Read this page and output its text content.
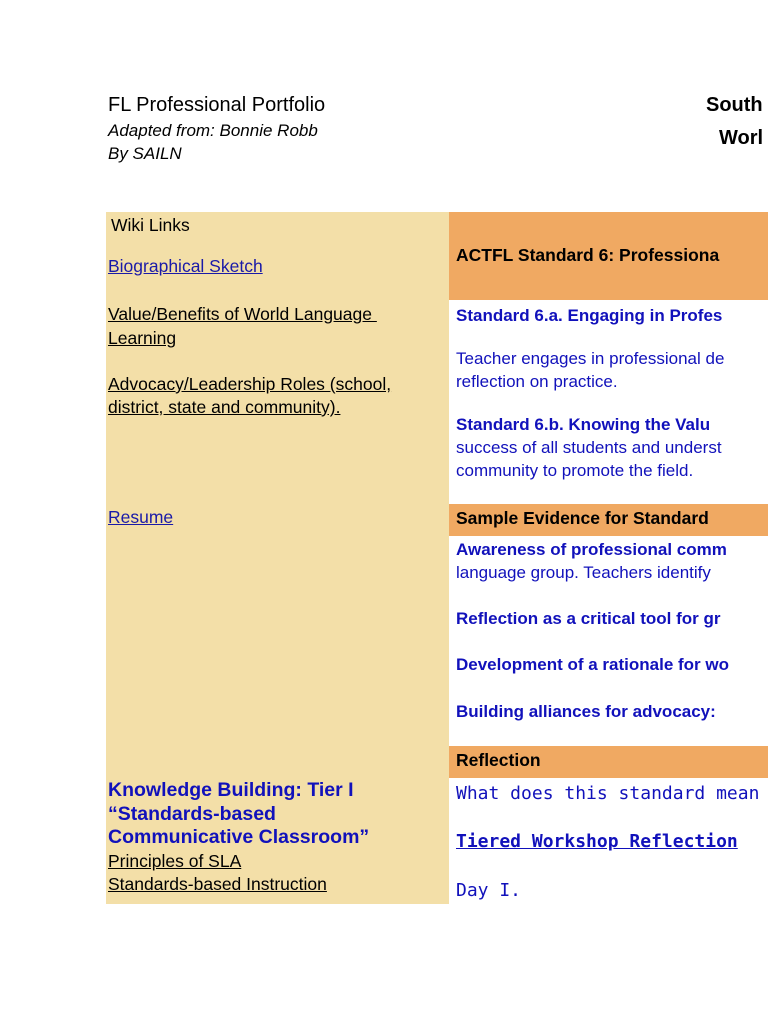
FL Professional Portfolio
Adapted from: Bonnie Robb
By SAILN
South
Worl
Wiki Links
Biographical Sketch
Value/Benefits of World Language
Learning
Advocacy/Leadership Roles (school,
district, state and community).
Resume
Knowledge Building: Tier I
“Standards-based
Communicative Classroom”
Principles of SLA
Standards-based Instruction
ACTFL Standard 6: Professiona
Standard 6.a. Engaging in Profes
Teacher engages in professional de
reflection on practice.
Standard 6.b. Knowing the Valu
success of all students and underst
community to promote the field.
Sample Evidence for Standard
Awareness of professional comm
language group. Teachers identify
Reflection as a critical tool for gr
Development of a rationale for wo
Building alliances for advocacy:
Reflection
What does this standard mean
Tiered Workshop Reflection
Day I.
